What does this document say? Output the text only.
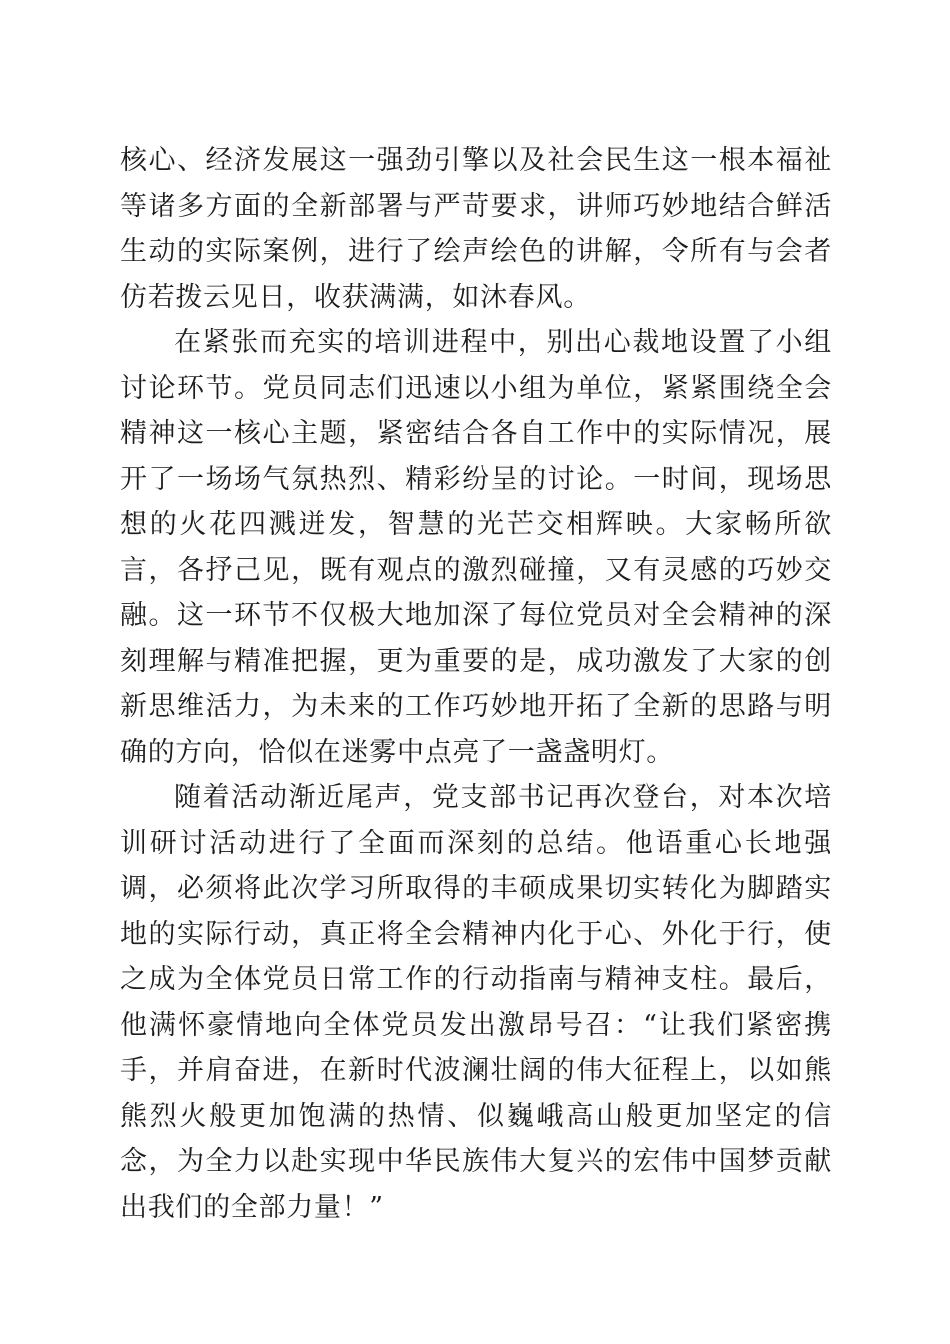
核心、经济发展这一强劲引擎以及社会民生这一根本福祉等诸多方面的全新部署与严苛要求，讲师巧妙地结合鲜活生动的实际案例，进行了绘声绘色的讲解，令所有与会者仿若拨云见日，收获满满，如沐春风。

在紧张而充实的培训进程中，别出心裁地设置了小组讨论环节。党员同志们迅速以小组为单位，紧紧围绕全会精神这一核心主题，紧密结合各自工作中的实际情况，展开了一场场气氛热烈、精彩纷呈的讨论。一时间，现场思想的火花四溅迸发，智慧的光芒交相辉映。大家畅所欲言，各抒己见，既有观点的激烈碰撞，又有灵感的巧妙交融。这一环节不仅极大地加深了每位党员对全会精神的深刻理解与精准把握，更为重要的是，成功激发了大家的创新思维活力，为未来的工作巧妙地开拓了全新的思路与明确的方向，恰似在迷雾中点亮了一盏盏明灯。

随着活动渐近尾声，党支部书记再次登台，对本次培训研讨活动进行了全面而深刻的总结。他语重心长地强调，必须将此次学习所取得的丰硕成果切实转化为脚踏实地的实际行动，真正将全会精神内化于心、外化于行，使之成为全体党员日常工作的行动指南与精神支柱。最后，他满怀豪情地向全体党员发出激昂号召：“让我们紧密携手，并肩奋进，在新时代波澜壮阔的伟大征程上，以如熊熊烈火般更加饱满的热情、似巍峨高山般更加坚定的信念，为全力以赴实现中华民族伟大复兴的宏伟中国梦贡献出我们的全部力量！”
